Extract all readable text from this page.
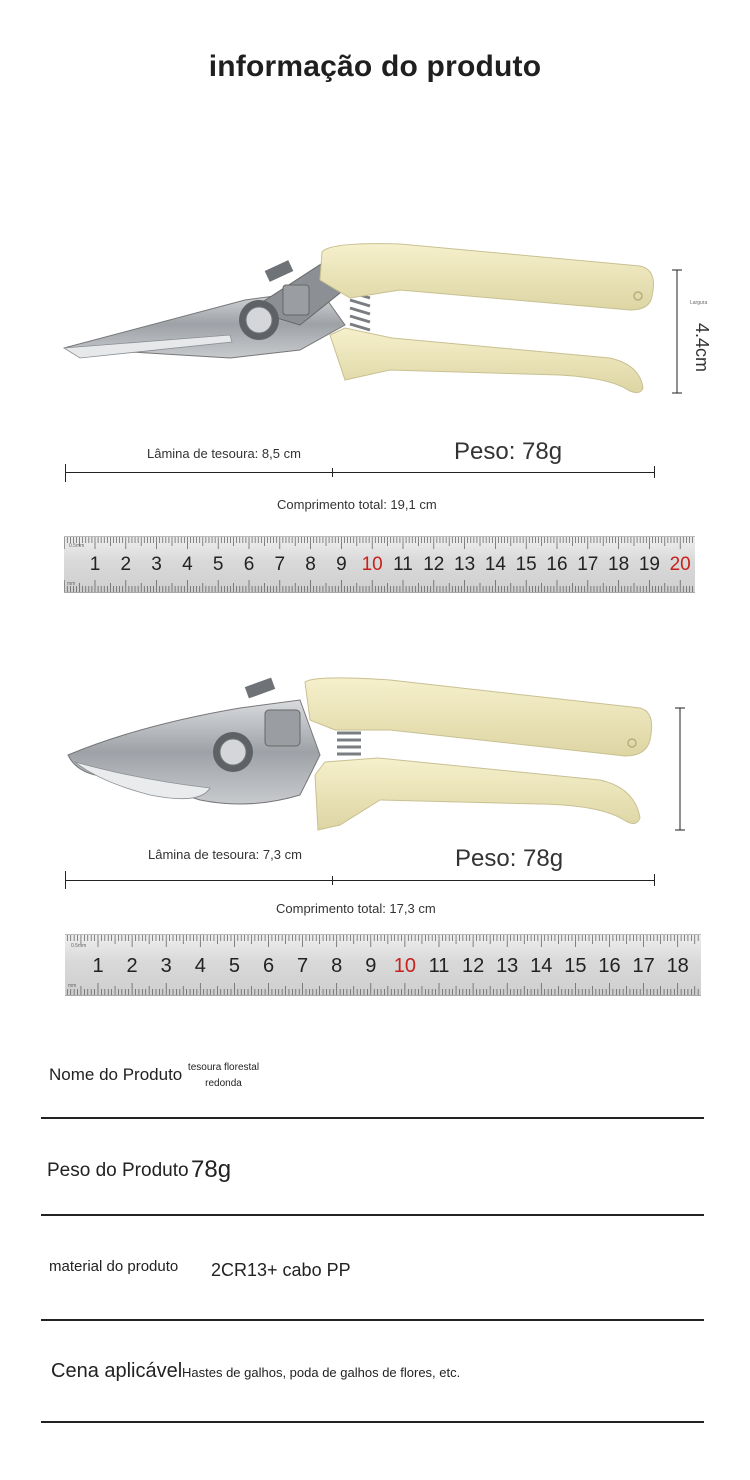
informação do produto
Largura
4.4cm
Lâmina de tesoura: 8,5 cm	Peso: 78g
Comprimento total: 19,1 cm
0.5mm
mm
1	2	3	4	5	6	7	8	9 10 11 12 13 14 15 16 17 18 19 20
Lâmina de tesoura: 7,3 cm	Peso: 78g
Comprimento total: 17,3 cm
0.5mm
mm
1	2	3	4	5	6	7	8	9 10 11 12 13 14 15 16 17 18
Nome do Produto tesoura florestal
redonda
Peso do Produto 78g
material do produto 2CR13+ cabo PP
Cena aplicável Hastes de galhos, poda de galhos de flores, etc.
